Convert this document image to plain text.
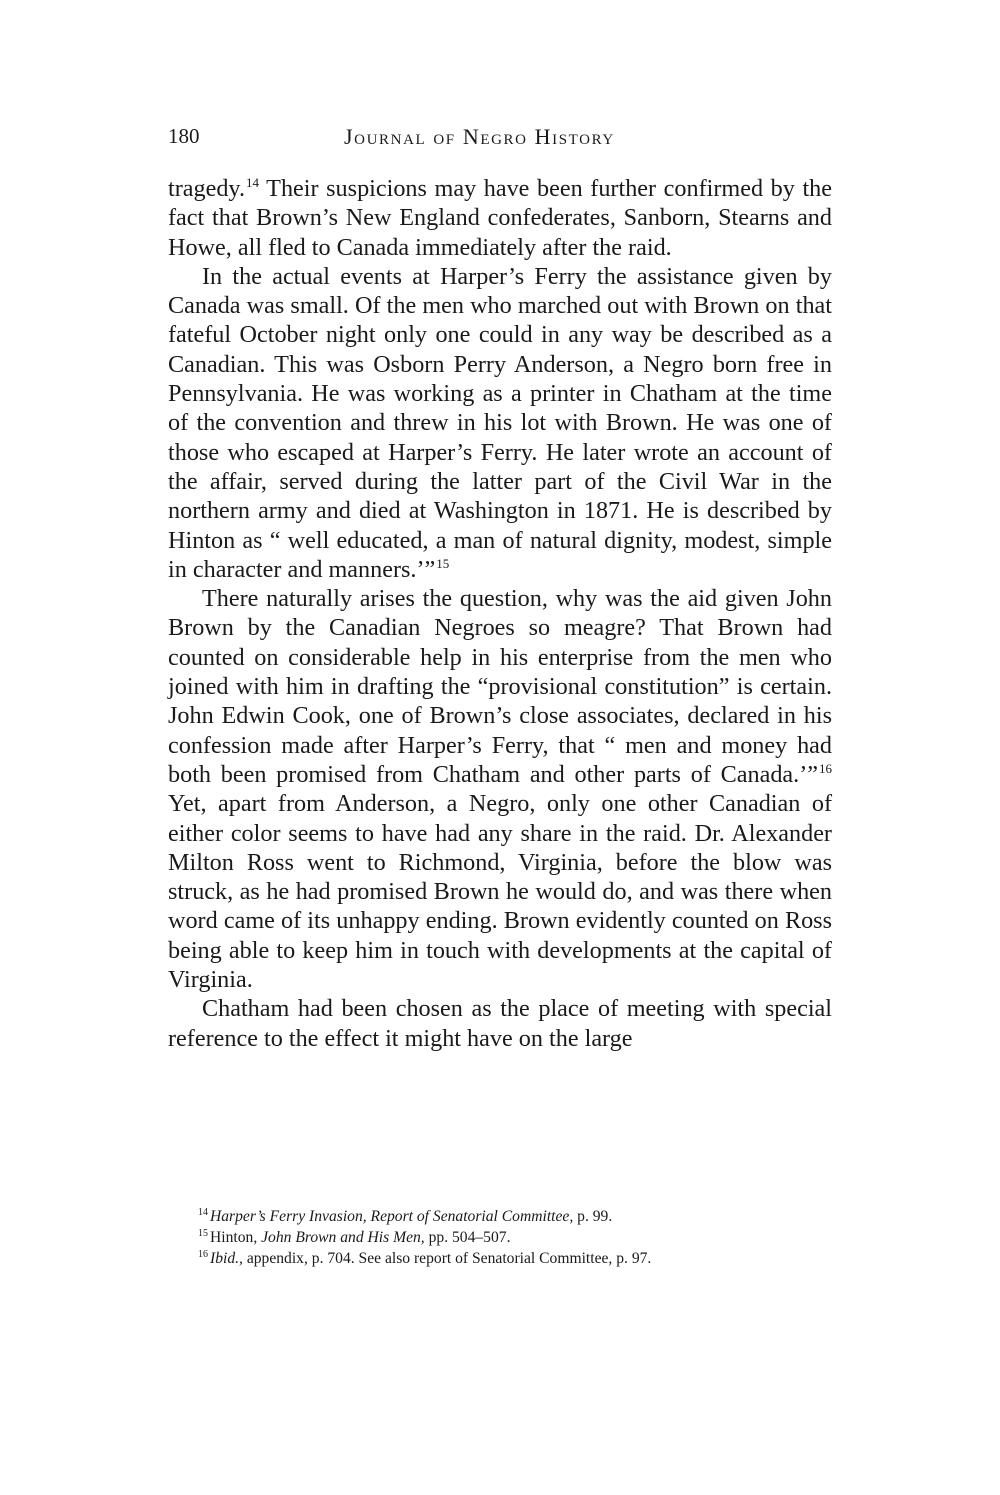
180	Journal of Negro History

tragedy.$^{14}$ Their suspicions may have been further confirmed by the fact that Brown’s New England confederates, Sanborn, Stearns and Howe, all fled to Canada immediately after the raid.

In the actual events at Harper’s Ferry the assistance given by Canada was small. Of the men who marched out with Brown on that fateful October night only one could in any way be described as a Canadian. This was Osborn Perry Anderson, a Negro born free in Pennsylvania. He was working as a printer in Chatham at the time of the convention and threw in his lot with Brown. He was one of those who escaped at Harper’s Ferry. He later wrote an account of the affair, served during the latter part of the Civil War in the northern army and died at Washington in 1871. He is described by Hinton as “ well educated, a man of natural dignity, modest, simple in character and manners.’”$^{15}$

There naturally arises the question, why was the aid given John Brown by the Canadian Negroes so meagre? That Brown had counted on considerable help in his enterprise from the men who joined with him in drafting the “provisional constitution” is certain. John Edwin Cook, one of Brown’s close associates, declared in his confession made after Harper’s Ferry, that “ men and money had both been promised from Chatham and other parts of Canada.’”$^{16}$ Yet, apart from Anderson, a Negro, only one other Canadian of either color seems to have had any share in the raid. Dr. Alexander Milton Ross went to Richmond, Virginia, before the blow was struck, as he had promised Brown he would do, and was there when word came of its unhappy ending. Brown evidently counted on Ross being able to keep him in touch with developments at the capital of Virginia.

Chatham had been chosen as the place of meeting with special reference to the effect it might have on the large

$^{14}$ Harper’s Ferry Invasion, Report of Senatorial Committee, p. 99.
$^{15}$ Hinton, John Brown and His Men, pp. 504–507.
$^{16}$ Ibid., appendix, p. 704. See also report of Senatorial Committee, p. 97.
